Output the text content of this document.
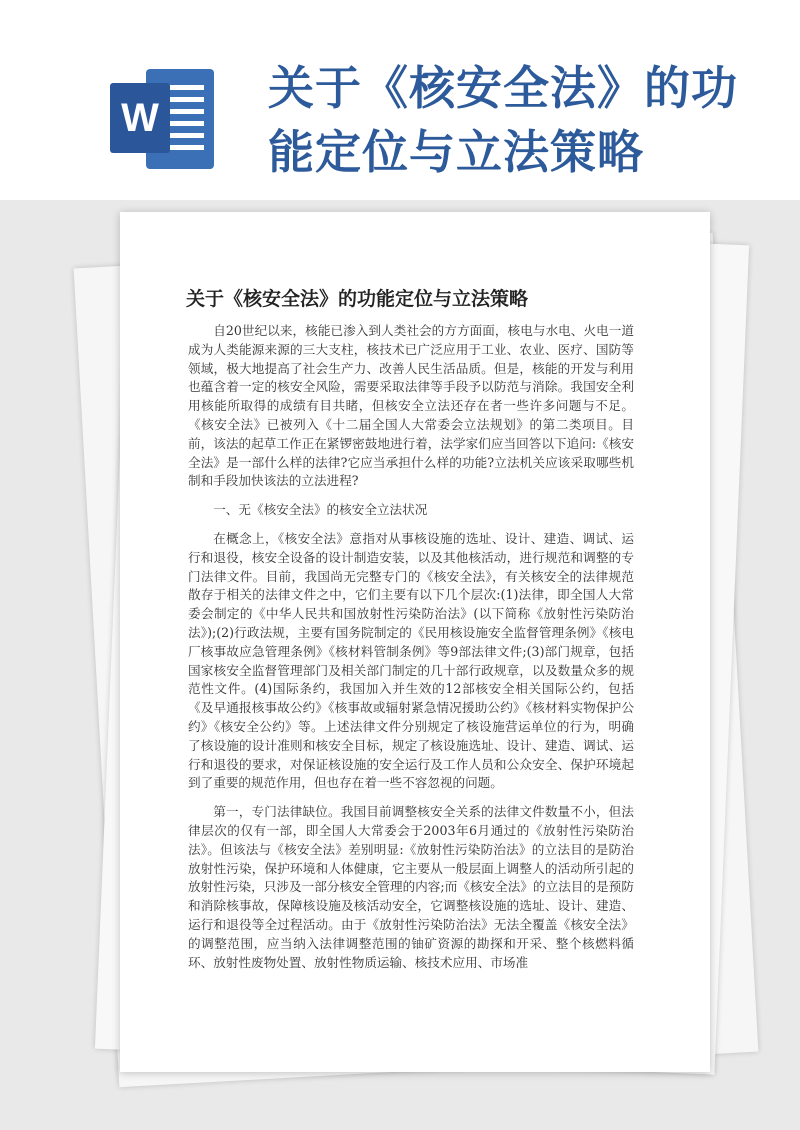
W
关于《核安全法》的功
能定位与立法策略
关于《核安全法》的功能定位与立法策略

自20世纪以来，核能已渗入到人类社会的方方面面，核电与水电、火电一道成为人类能源来源的三大支柱，核技术已广泛应用于工业、农业、医疗、国防等领域，极大地提高了社会生产力、改善人民生活品质。但是，核能的开发与利用也蕴含着一定的核安全风险，需要采取法律等手段予以防范与消除。我国安全利用核能所取得的成绩有目共睹，但核安全立法还存在者一些许多问题与不足。《核安全法》已被列入《十二届全国人大常委会立法规划》的第二类项目。目前，该法的起草工作正在紧锣密鼓地进行着，法学家们应当回答以下追问:《核安全法》是一部什么样的法律?它应当承担什么样的功能?立法机关应该采取哪些机制和手段加快该法的立法进程?

一、无《核安全法》的核安全立法状况

在概念上，《核安全法》意指对从事核设施的选址、设计、建造、调试、运行和退役，核安全设备的设计制造安装，以及其他核活动，进行规范和调整的专门法律文件。目前，我国尚无完整专门的《核安全法》，有关核安全的法律规范散存于相关的法律文件之中，它们主要有以下几个层次:(1)法律，即全国人大常委会制定的《中华人民共和国放射性污染防治法》(以下简称《放射性污染防治法》);(2)行政法规，主要有国务院制定的《民用核设施安全监督管理条例》《核电厂核事故应急管理条例》《核材料管制条例》等9部法律文件;(3)部门规章，包括国家核安全监督管理部门及相关部门制定的几十部行政规章，以及数量众多的规范性文件。(4)国际条约，我国加入并生效的12部核安全相关国际公约，包括《及早通报核事故公约》《核事故或辐射紧急情况援助公约》《核材料实物保护公约》《核安全公约》等。上述法律文件分别规定了核设施营运单位的行为，明确了核设施的设计准则和核安全目标，规定了核设施选址、设计、建造、调试、运行和退役的要求，对保证核设施的安全运行及工作人员和公众安全、保护环境起到了重要的规范作用，但也存在着一些不容忽视的问题。

第一，专门法律缺位。我国目前调整核安全关系的法律文件数量不小，但法律层次的仅有一部，即全国人大常委会于2003年6月通过的《放射性污染防治法》。但该法与《核安全法》差别明显:《放射性污染防治法》的立法目的是防治放射性污染，保护环境和人体健康，它主要从一般层面上调整人的活动所引起的放射性污染，只涉及一部分核安全管理的内容;而《核安全法》的立法目的是预防和消除核事故，保障核设施及核活动安全，它调整核设施的选址、设计、建造、运行和退役等全过程活动。由于《放射性污染防治法》无法全覆盖《核安全法》的调整范围，应当纳入法律调整范围的铀矿资源的勘探和开采、整个核燃料循环、放射性废物处置、放射性物质运输、核技术应用、市场准
